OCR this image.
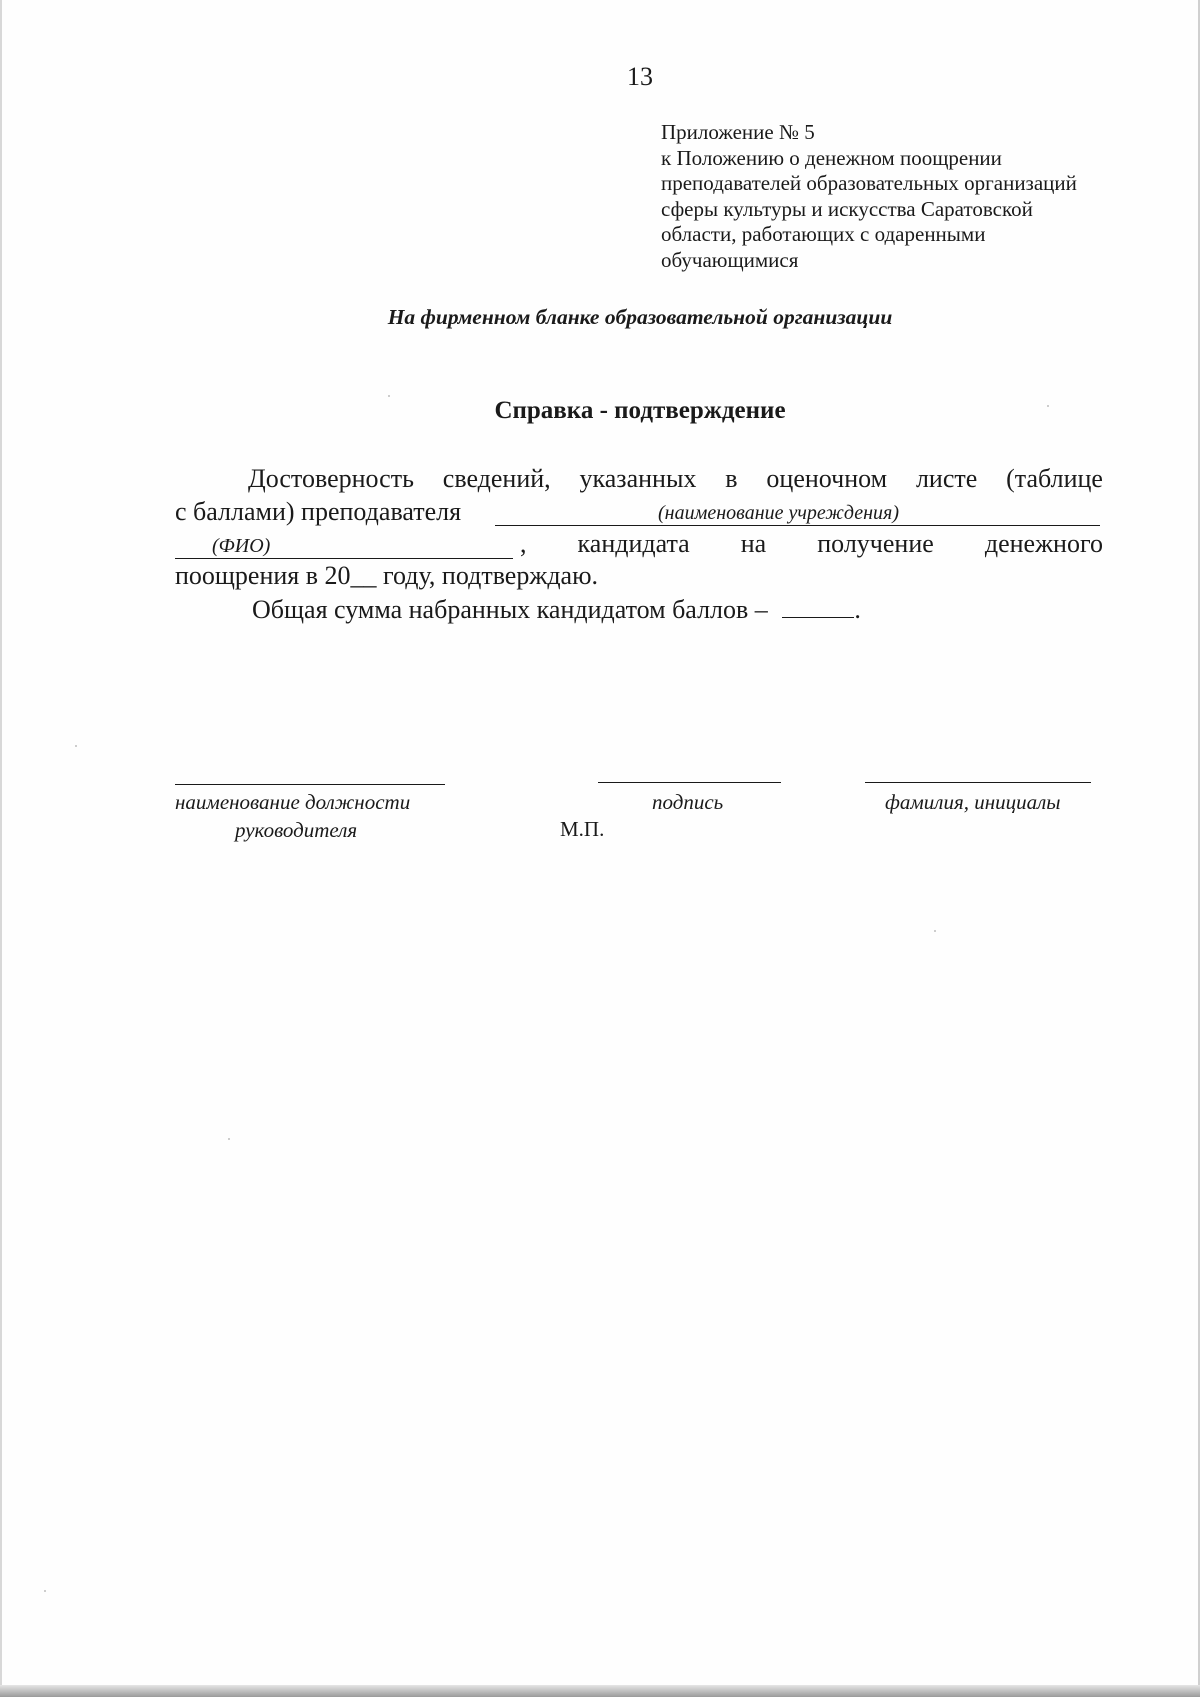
13
Приложение № 5
к Положению о денежном поощрении
преподавателей образовательных организаций
сферы культуры и искусства Саратовской
области, работающих с одаренными
обучающимися
На фирменном бланке образовательной организации
Справка - подтверждение
Достоверность сведений, указанных в оценочном листе (таблице
с баллами) преподавателя	(наименование учреждения)
(ФИО)	, кандидата на получение денежного
поощрения в 20__ году, подтверждаю.
Общая сумма набранных кандидатом баллов –	.
наименование должности
руководителя	М.П.
подпись	фамилия, инициалы
